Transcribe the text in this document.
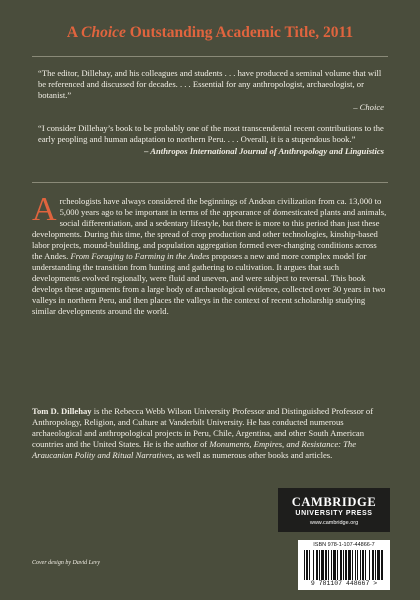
A Choice Outstanding Academic Title, 2011
“The editor, Dillehay, and his colleagues and students . . . have produced a seminal volume that will be referenced and discussed for decades. . . . Essential for any anthropologist, archaeologist, or botanist.”
– Choice
“I consider Dillehay’s book to be probably one of the most transcendental recent contributions to the early peopling and human adaptation to northern Peru. . . . Overall, it is a stupendous book.”
– Anthropos International Journal of Anthropology and Linguistics

Archeologists have always considered the beginnings of Andean civilization from ca. 13,000 to 5,000 years ago to be important in terms of the appearance of domesticated plants and animals, social differentiation, and a sedentary lifestyle, but there is more to this period than just these developments. During this time, the spread of crop production and other technologies, kinship-based labor projects, mound-building, and population aggregation formed ever-changing conditions across the Andes. From Foraging to Farming in the Andes proposes a new and more complex model for understanding the transition from hunting and gathering to cultivation. It argues that such developments evolved regionally, were fluid and uneven, and were subject to reversal. This book develops these arguments from a large body of archaeological evidence, collected over 30 years in two valleys in northern Peru, and then places the valleys in the context of recent scholarship studying similar developments around the world.

Tom D. Dillehay is the Rebecca Webb Wilson University Professor and Distinguished Professor of Anthropology, Religion, and Culture at Vanderbilt University. He has conducted numerous archaeological and anthropological projects in Peru, Chile, Argentina, and other South American countries and the United States. He is the author of Monuments, Empires, and Resistance: The Araucanian Polity and Ritual Narratives, as well as numerous other books and articles.

CAMBRIDGE
UNIVERSITY PRESS
www.cambridge.org
Cover design by David Levy
ISBN 978-1-107-44866-7
9 781107 448667 >
